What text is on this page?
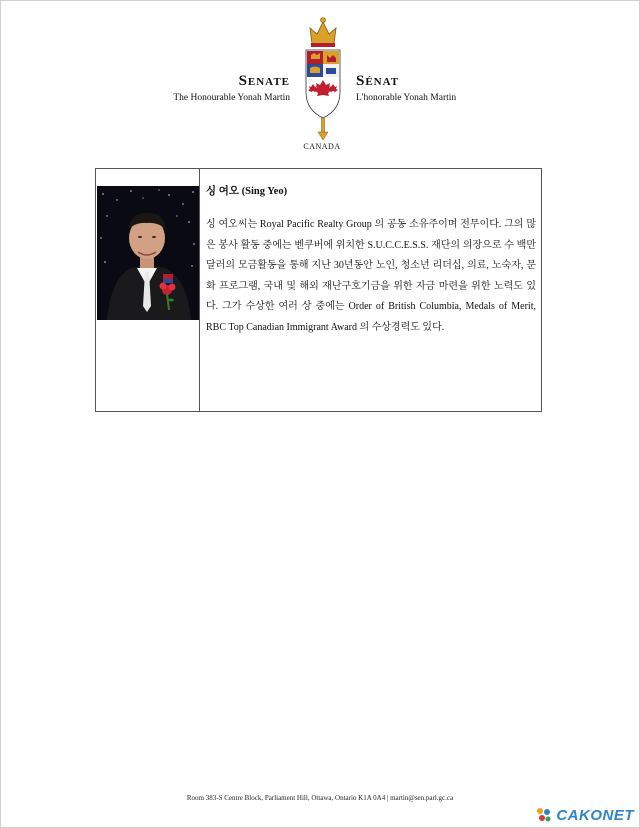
Senate
The Honourable Yonah Martin
Sénat
L'honorable Yonah Martin
CANADA
싱 여오 (Sing Yeo)
싱 여오씨는 Royal Pacific Realty Group 의 공동 소유주이며 전무이다. 그의 많은 봉사 활동 중에는 벤쿠버에 위치한 S.U.C.C.E.S.S. 재단의 의장으로 수 백만 달러의 모금활동을 통해 지난 30년동안 노인, 청소년 리더십, 의료, 노숙자, 문화 프로그램, 국내 및 해외 재난구호기금을 위한 자금 마련을 위한 노력도 있다. 그가 수상한 여러 상 중에는 Order of British Columbia, Medals of Merit, RBC Top Canadian Immigrant Award 의 수상경력도 있다.
Room 383-S Centre Block, Parliament Hill, Ottawa, Ontario K1A 0A4 | martin@sen.parl.gc.ca
CAKONET
